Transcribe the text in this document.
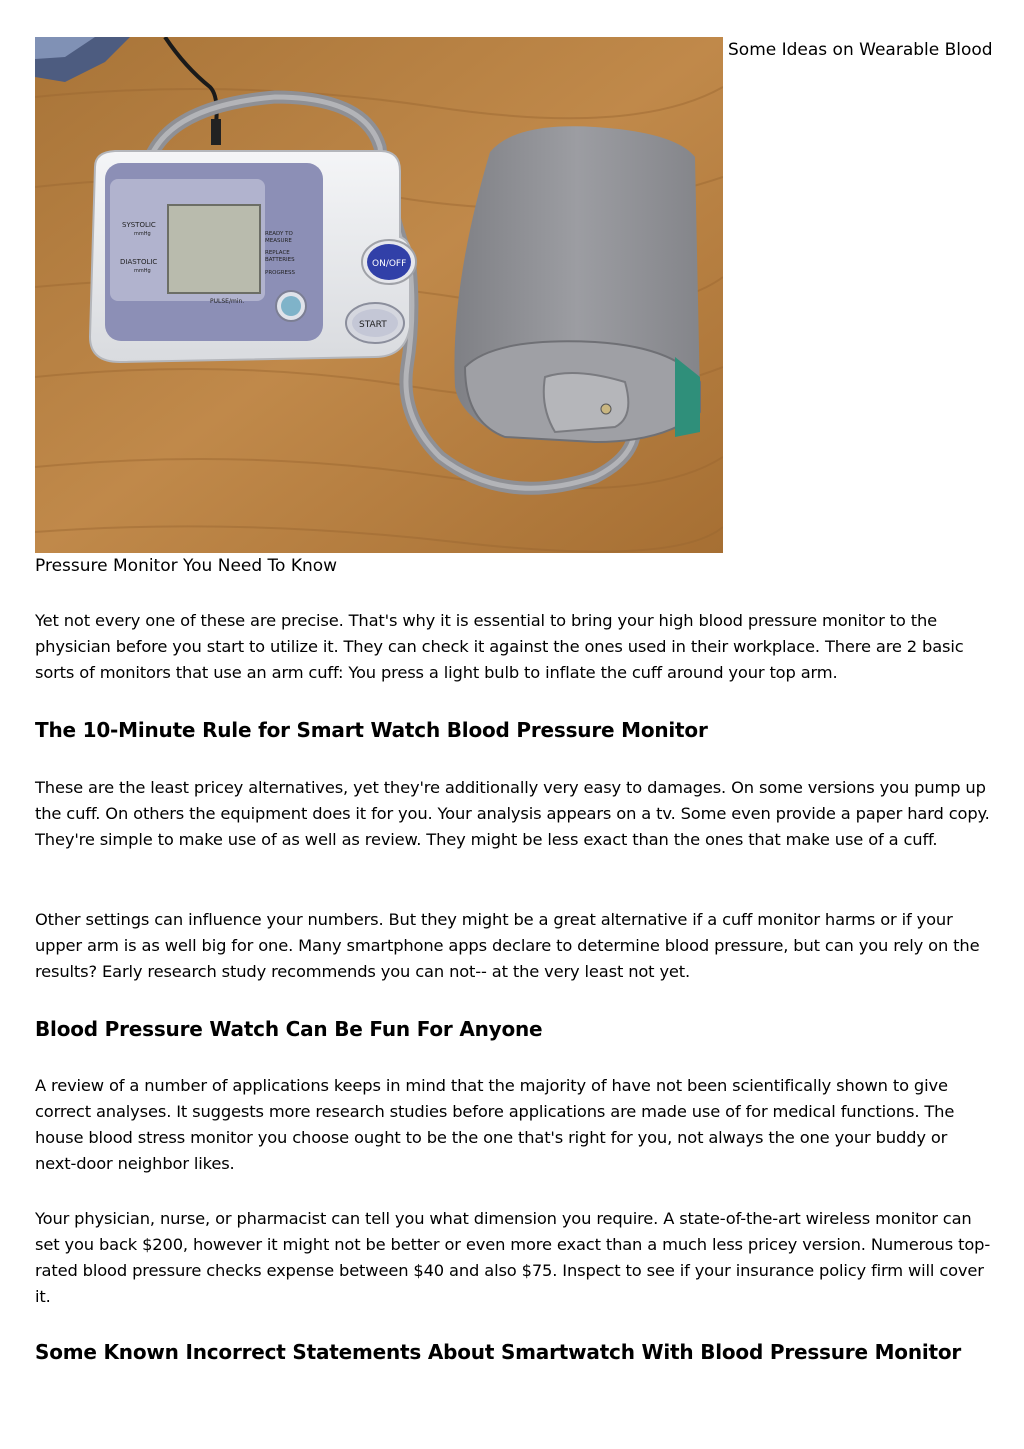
SYSTOLIC
mmHg
DIASTOLIC
mmHg
READY TO
MEASURE
REPLACE
BATTERIES
PROGRESS
PULSE/min.
ON/OFF
START
Some Ideas on Wearable Blood
Pressure Monitor You Need To Know

Yet not every one of these are precise. That's why it is essential to bring your high blood pressure monitor to the physician before you start to utilize it. They can check it against the ones used in their workplace. There are 2 basic sorts of monitors that use an arm cuff: You press a light bulb to inflate the cuff around your top arm.

The 10-Minute Rule for Smart Watch Blood Pressure Monitor

These are the least pricey alternatives, yet they're additionally very easy to damages. On some versions you pump up the cuff. On others the equipment does it for you. Your analysis appears on a tv. Some even provide a paper hard copy. They're simple to make use of as well as review. They might be less exact than the ones that make use of a cuff.

Other settings can influence your numbers. But they might be a great alternative if a cuff monitor harms or if your upper arm is as well big for one. Many smartphone apps declare to determine blood pressure, but can you rely on the results? Early research study recommends you can not-- at the very least not yet.

Blood Pressure Watch Can Be Fun For Anyone

A review of a number of applications keeps in mind that the majority of have not been scientifically shown to give correct analyses. It suggests more research studies before applications are made use of for medical functions. The house blood stress monitor you choose ought to be the one that's right for you, not always the one your buddy or next-door neighbor likes.

Your physician, nurse, or pharmacist can tell you what dimension you require. A state-of-the-art wireless monitor can set you back $200, however it might not be better or even more exact than a much less pricey version. Numerous top-rated blood pressure checks expense between $40 and also $75. Inspect to see if your insurance policy firm will cover it.

Some Known Incorrect Statements About Smartwatch With Blood Pressure Monitor
